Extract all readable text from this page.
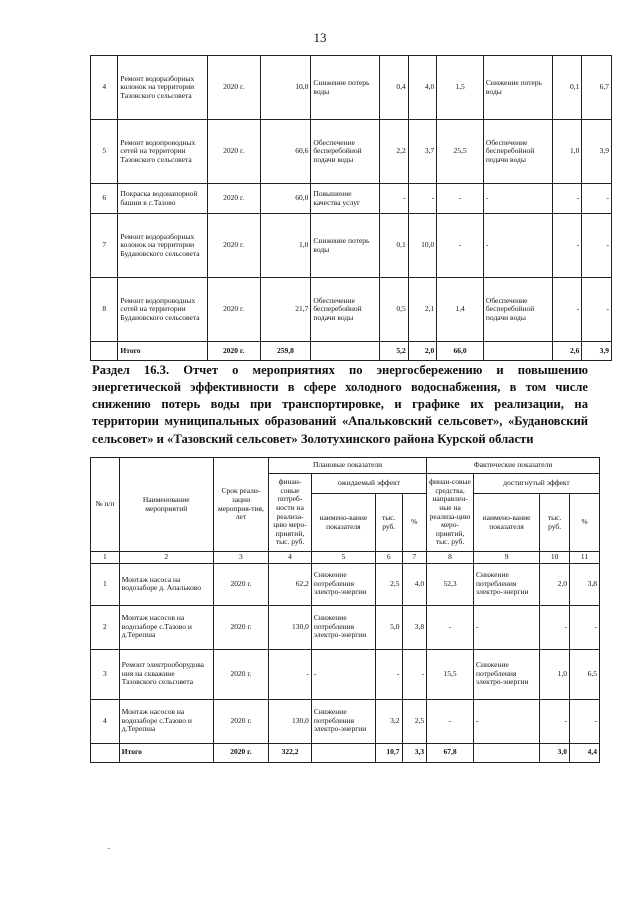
13
4	Ремонт водоразборных колонок на территории Тазовского сельсовета	2020 г.	10,0	Снижение потерь воды	0,4	4,0	1,5	Снижение потерь воды	0,1	6,7
5	Ремонт водопроводных сетей на территории Тазовского сельсовета	2020 г.	60,6	Обеспечение бесперебойной подачи воды	2,2	3,7	25,5	Обеспечение бесперебойной подачи воды	1,0	3,9
6	Покраска водонапорной башни в с.Тазово	2020 г.	60,0	Повышение качества услуг	-	-	-	-	-	-
7	Ремонт водоразборных колонок на территории Будановского сельсовета	2020 г.	1,0	Снижение потерь воды	0,1	10,0	-	-	-	-
8	Ремонт водопроводных сетей на территории Будановского сельсовета	2020 г.	21,7	Обеспечение бесперебойной подачи воды	0,5	2,1	1,4	Обеспечение бесперебойной подачи воды	-	-
	Итого	2020 г.	259,8		5,2	2,0	66,0		2,6	3,9
Раздел 16.3. Отчет о мероприятиях по энергосбережению и повышению энергетической эффективности в сфере холодного водоснабжения, в том числе снижению потерь воды при транспортировке, и графике их реализации, на территории муниципальных образований «Апальковский сельсовет», «Будановский сельсовет» и «Тазовский сельсовет» Золотухинского района Курской области
№ п/п	Наименование мероприятий	Срок реали-зации мероприя-тия, лет	Плановые показатели				Фактические показатели			
			финан-совые потреб-ности на реализа-цию меро-приятий, тыс. руб.	ожидаемый эффект			финан-совые средства, направлен-ные на реализа-цию меро-приятий, тыс. руб.	достигнутый эффект		
				наимено-вание показателя	тыс. руб.	%		наимено-вание показателя	тыс. руб.	%
1	2	3	4	5	6	7	8	9	10	11
1	Монтаж насоса на водозаборе д. Апальково	2020 г.	62,2	Снижение потребления электро-энергии	2,5	4,0	52,3	Снижение потребления электро-энергии	2,0	3,8
2	Монтаж насосов на водозаборе с.Тазово и д.Терепша	2020 г.	130,0	Снижение потребления электро-энергии	5,0	3,8	-	-	-	-
3	Ремонт электрооборудова ния на скважине Тазовского сельсовета	2020 г.	-	-	-	-	15,5	Снижение потребления электро-энергии	1,0	6,5
4	Монтаж насосов на водозаборе с.Тазово и д.Терепша	2020 г.	130,0	Снижение потребления электро-энергии	3,2	2,5	-	-	-	-
	Итого	2020 г.	322,2		10,7	3,3	67,8		3,0	4,4
-
